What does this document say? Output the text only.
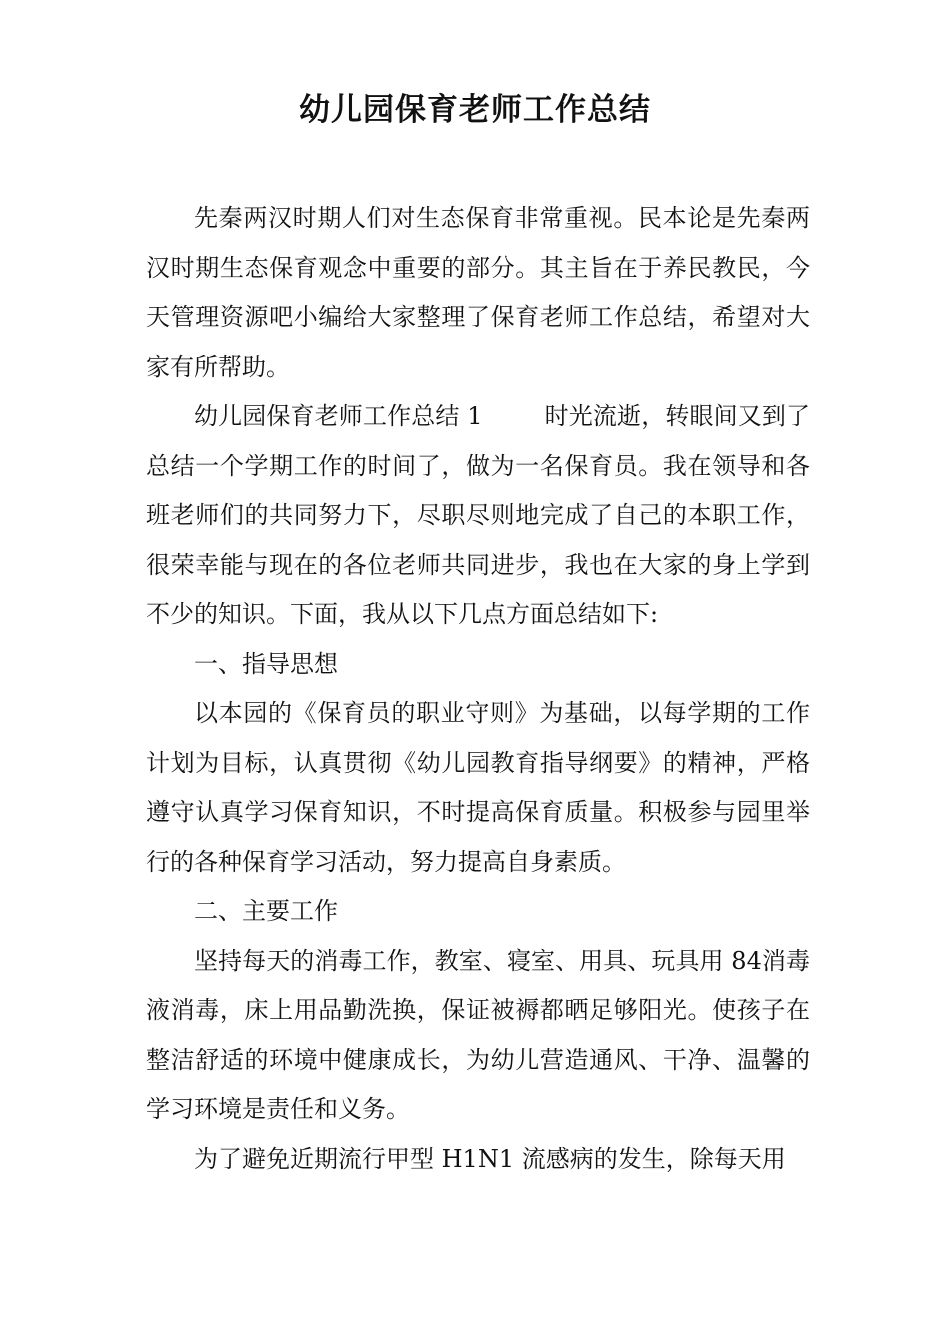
幼儿园保育老师工作总结

先秦两汉时期人们对生态保育非常重视。民本论是先秦两汉时期生态保育观念中重要的部分。其主旨在于养民教民，今天管理资源吧小编给大家整理了保育老师工作总结，希望对大家有所帮助。

幼儿园保育老师工作总结 1	时光流逝，转眼间又到了总结一个学期工作的时间了，做为一名保育员。我在领导和各班老师们的共同努力下，尽职尽则地完成了自己的本职工作，很荣幸能与现在的各位老师共同进步，我也在大家的身上学到不少的知识。下面，我从以下几点方面总结如下:

一、指导思想

以本园的《保育员的职业守则》为基础，以每学期的工作计划为目标，认真贯彻《幼儿园教育指导纲要》的精神，严格遵守认真学习保育知识，不时提高保育质量。积极参与园里举行的各种保育学习活动，努力提高自身素质。

二、主要工作

坚持每天的消毒工作，教室、寝室、用具、玩具用 84消毒液消毒，床上用品勤洗换，保证被褥都晒足够阳光。使孩子在整洁舒适的环境中健康成长，为幼儿营造通风、干净、温馨的学习环境是责任和义务。

为了避免近期流行甲型 H1N1 流感病的发生，除每天用
